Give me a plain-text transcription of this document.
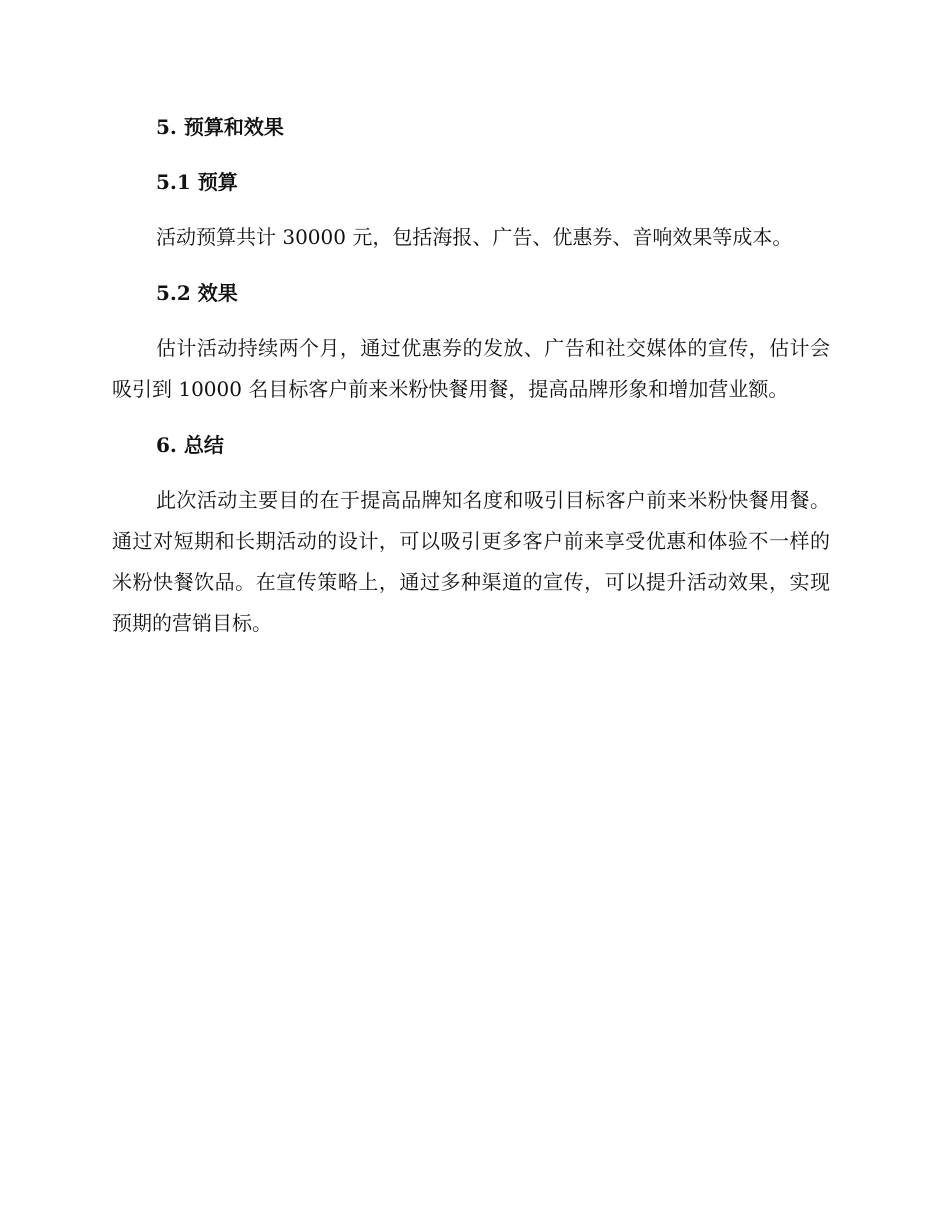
5. 预算和效果
5.1 预算

活动预算共计 30000 元，包括海报、广告、优惠券、音响效果等成本。

5.2 效果

估计活动持续两个月，通过优惠券的发放、广告和社交媒体的宣传，估计会吸引到 10000 名目标客户前来米粉快餐用餐，提高品牌形象和增加营业额。

6. 总结

此次活动主要目的在于提高品牌知名度和吸引目标客户前来米粉快餐用餐。通过对短期和长期活动的设计，可以吸引更多客户前来享受优惠和体验不一样的米粉快餐饮品。在宣传策略上，通过多种渠道的宣传，可以提升活动效果，实现预期的营销目标。
